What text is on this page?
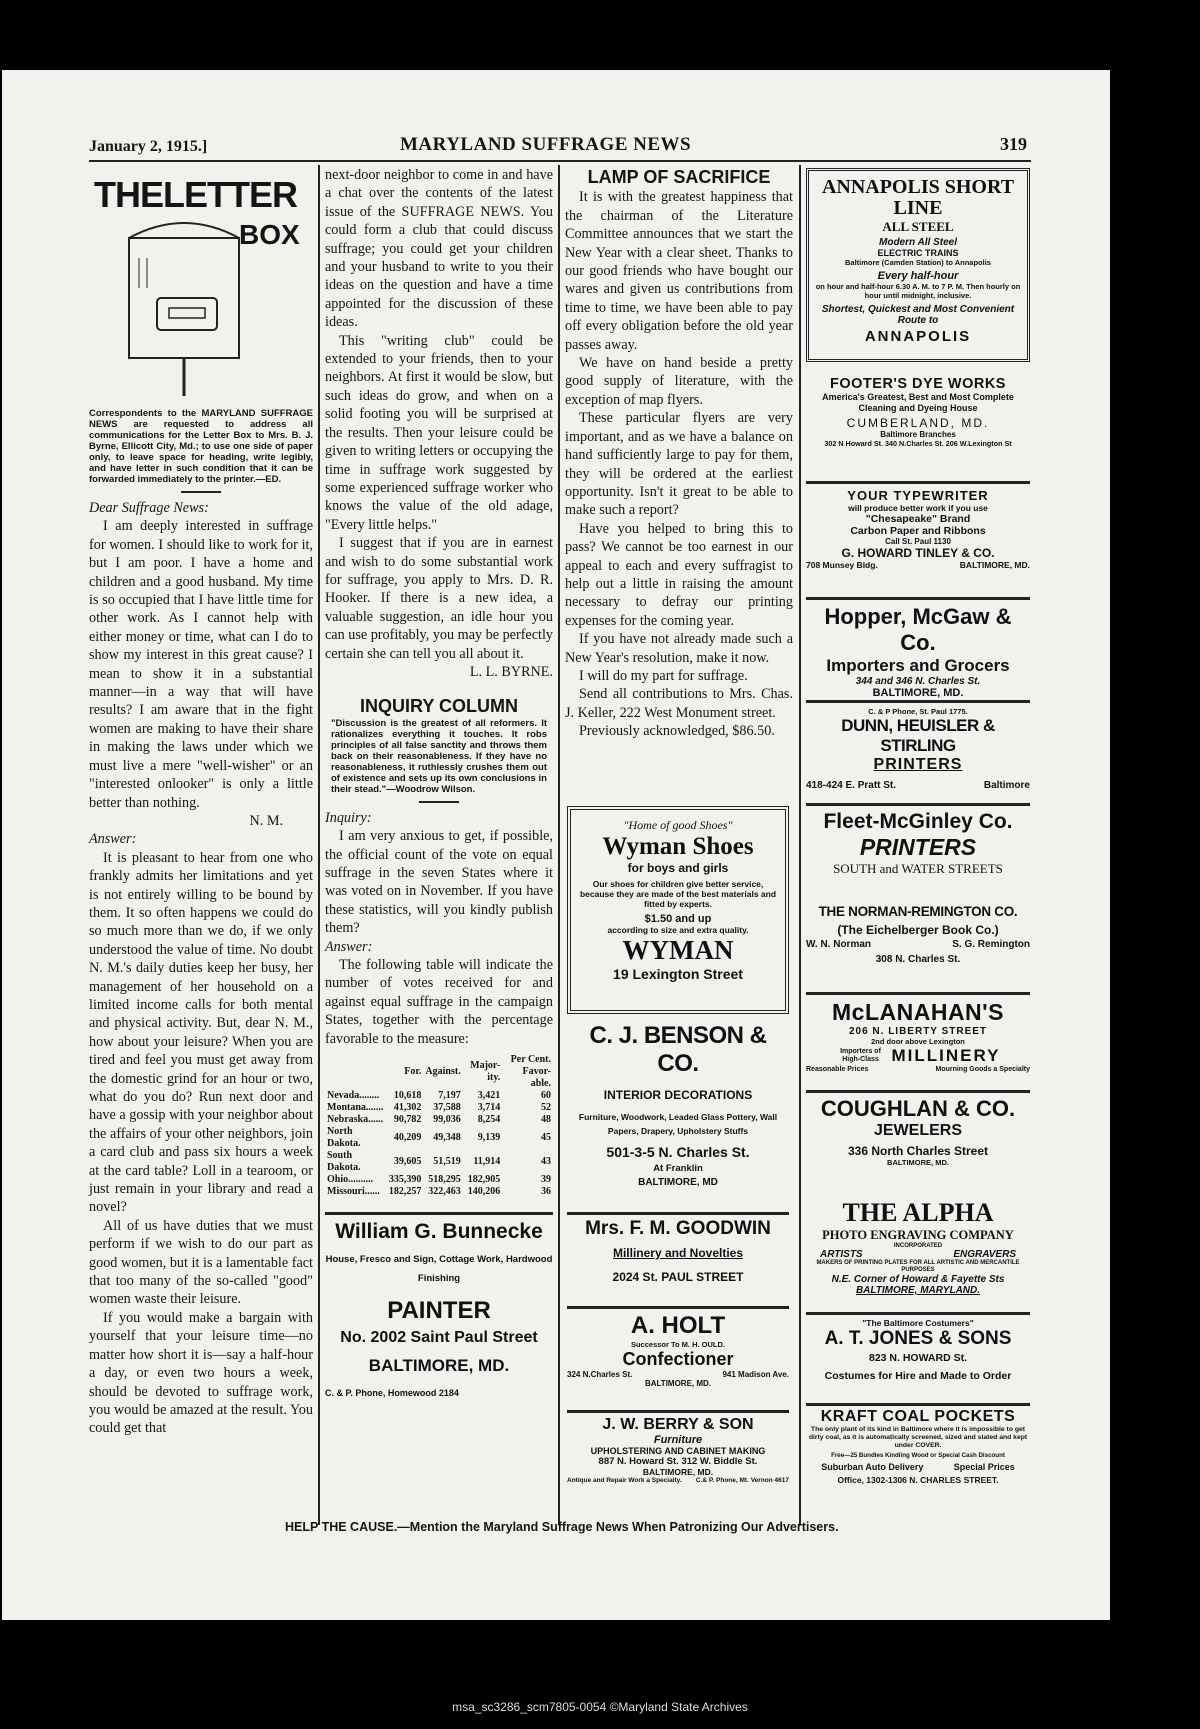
January 2, 1915.]	MARYLAND SUFFRAGE NEWS	319
THELETTER
BOX
Correspondents to the MARYLAND SUFFRAGE NEWS are requested to address all communications for the Letter Box to Mrs. B. J. Byrne, Ellicott City, Md.; to use one side of paper only, to leave space for heading, write legibly, and have letter in such condition that it can be forwarded immediately to the printer.—ED.

Dear Suffrage News:

I am deeply interested in suffrage for women. I should like to work for it, but I am poor. I have a home and children and a good husband. My time is so occupied that I have little time for other work. As I cannot help with either money or time, what can I do to show my interest in this great cause? I mean to show it in a substantial manner—in a way that will have results? I am aware that in the fight women are making to have their share in making the laws under which we must live a mere "well-wisher" or an "interested onlooker" is only a little better than nothing.

N. M.

Answer:

It is pleasant to hear from one who frankly admits her limitations and yet is not entirely willing to be bound by them. It so often happens we could do so much more than we do, if we only understood the value of time. No doubt N. M.'s daily duties keep her busy, her management of her household on a limited income calls for both mental and physical activity. But, dear N. M., how about your leisure? When you are tired and feel you must get away from the domestic grind for an hour or two, what do you do? Run next door and have a gossip with your neighbor about the affairs of your other neighbors, join a card club and pass six hours a week at the card table? Loll in a tearoom, or just remain in your library and read a novel?

All of us have duties that we must perform if we wish to do our part as good women, but it is a lamentable fact that too many of the so-called "good" women waste their leisure.

If you would make a bargain with yourself that your leisure time—no matter how short it is—say a half-hour a day, or even two hours a week, should be devoted to suffrage work, you would be amazed at the result. You could get that

next-door neighbor to come in and have a chat over the contents of the latest issue of the SUFFRAGE NEWS. You could form a club that could discuss suffrage; you could get your children and your husband to write to you their ideas on the question and have a time appointed for the discussion of these ideas.

This "writing club" could be extended to your friends, then to your neighbors. At first it would be slow, but such ideas do grow, and when on a solid footing you will be surprised at the results. Then your leisure could be given to writing letters or occupying the time in suffrage work suggested by some experienced suffrage worker who knows the value of the old adage, "Every little helps."

I suggest that if you are in earnest and wish to do some substantial work for suffrage, you apply to Mrs. D. R. Hooker. If there is a new idea, a valuable suggestion, an idle hour you can use profitably, you may be perfectly certain she can tell you all about it.

L. L. BYRNE.

INQUIRY COLUMN
"Discussion is the greatest of all reformers. It rationalizes everything it touches. It robs principles of all false sanctity and throws them back on their reasonableness. If they have no reasonableness, it ruthlessly crushes them out of existence and sets up its own conclusions in their stead."—Woodrow Wilson.

Inquiry:

I am very anxious to get, if possible, the official count of the vote on equal suffrage in the seven States where it was voted on in November. If you have these statistics, will you kindly publish them?

Answer:

The following table will indicate the number of votes received for and against equal suffrage in the campaign States, together with the percentage favorable to the measure:

	For.	Against.	Major-ity.	Per Cent. Favor-able.
Nevada........	10,618	7,197	3,421	60
Montana.......	41,302	37,588	3,714	52
Nebraska......	90,782	99,036	8,254	48
North Dakota.	40,209	49,348	9,139	45
South Dakota.	39,605	51,519	11,914	43
Ohio..........	335,390	518,295	182,905	39
Missouri......	182,257	322,463	140,206	36
William G. Bunnecke
House, Fresco and Sign, Cottage Work, Hardwood Finishing
PAINTER
No. 2002 Saint Paul Street
BALTIMORE, MD.
C. & P. Phone, Homewood 2184
LAMP OF SACRIFICE

It is with the greatest happiness that the chairman of the Literature Committee announces that we start the New Year with a clear sheet. Thanks to our good friends who have bought our wares and given us contributions from time to time, we have been able to pay off every obligation before the old year passes away.

We have on hand beside a pretty good supply of literature, with the exception of map flyers.

These particular flyers are very important, and as we have a balance on hand sufficiently large to pay for them, they will be ordered at the earliest opportunity. Isn't it great to be able to make such a report?

Have you helped to bring this to pass? We cannot be too earnest in our appeal to each and every suffragist to help out a little in raising the amount necessary to defray our printing expenses for the coming year.

If you have not already made such a New Year's resolution, make it now.

I will do my part for suffrage.

Send all contributions to Mrs. Chas. J. Keller, 222 West Monument street.

Previously acknowledged, $86.50.

"Home of good Shoes"
Wyman Shoes
for boys and girls
Our shoes for children give better service, because they are made of the best materials and fitted by experts.
$1.50 and up
according to size and extra quality.
WYMAN
19 Lexington Street
C. J. BENSON & CO.
INTERIOR DECORATIONS
Furniture, Woodwork, Leaded Glass Pottery, Wall Papers, Drapery, Upholstery Stuffs
501-3-5 N. Charles St.
At Franklin
BALTIMORE, MD
Mrs. F. M. GOODWIN
Millinery and Novelties
2024 St. PAUL STREET
A. HOLT
Successor To M. H. OULD.
Confectioner
324 N.Charles St.	941 Madison Ave.
BALTIMORE, MD.
J. W. BERRY & SON
Furniture
UPHOLSTERING AND CABINET MAKING
887 N. Howard St. 312 W. Biddle St.
BALTIMORE, MD.
Antique and Repair Work a Specialty. C.& P. Phone, Mt. Vernon 4617
ANNAPOLIS SHORT LINE
ALL STEEL
Modern All Steel
ELECTRIC TRAINS
Baltimore (Camden Station) to Annapolis
Every half-hour
on hour and half-hour 6.30 A. M. to 7 P. M. Then hourly on hour until midnight, inclusive.
Shortest, Quickest and Most Convenient Route to
ANNAPOLIS
FOOTER'S DYE WORKS
America's Greatest, Best and Most Complete Cleaning and Dyeing House
CUMBERLAND, MD.
Baltimore Branches
302 N Howard St. 340 N.Charles St. 206 W.Lexington St
YOUR TYPEWRITER
will produce better work if you use
"Chesapeake" Brand
Carbon Paper and Ribbons
Call St. Paul 1130
G. HOWARD TINLEY & CO.
708 Munsey Bldg.	BALTIMORE, MD.
Hopper, McGaw & Co.
Importers and Grocers
344 and 346 N. Charles St.
BALTIMORE, MD.
C. & P Phone, St. Paul 1775.
DUNN, HEUISLER & STIRLING
PRINTERS
418-424 E. Pratt St.	Baltimore
Fleet-McGinley Co.
PRINTERS
SOUTH and WATER STREETS
THE NORMAN-REMINGTON CO.
(The Eichelberger Book Co.)
W. N. Norman	S. G. Remington
308 N. Charles St.
McLANAHAN'S
206 N. LIBERTY STREET
2nd door above Lexington
Importers of High-Class MILLINERY
Reasonable Prices	Mourning Goods a Specialty
COUGHLAN & CO.
JEWELERS
336 North Charles Street
BALTIMORE, MD.
THE ALPHA
PHOTO ENGRAVING COMPANY
INCORPORATED
ARTISTS	ENGRAVERS
MAKERS OF PRINTING PLATES FOR ALL ARTISTIC AND MERCANTILE PURPOSES
N.E. Corner of Howard & Fayette Sts
BALTIMORE, MARYLAND.
"The Baltimore Costumers"
A. T. JONES & SONS
823 N. HOWARD St.
Costumes for Hire and Made to Order
KRAFT COAL POCKETS
The only plant of its kind in Baltimore where it is impossible to get dirty coal, as it is automatically screened, sized and slated and kept under COVER.
Free—25 Bundles Kindling Wood or Special Cash Discount
Suburban Auto Delivery	Special Prices
Office, 1302-1306 N. CHARLES STREET.
HELP THE CAUSE.—Mention the Maryland Suffrage News When Patronizing Our Advertisers.
msa_sc3286_scm7805-0054 ©Maryland State Archives
